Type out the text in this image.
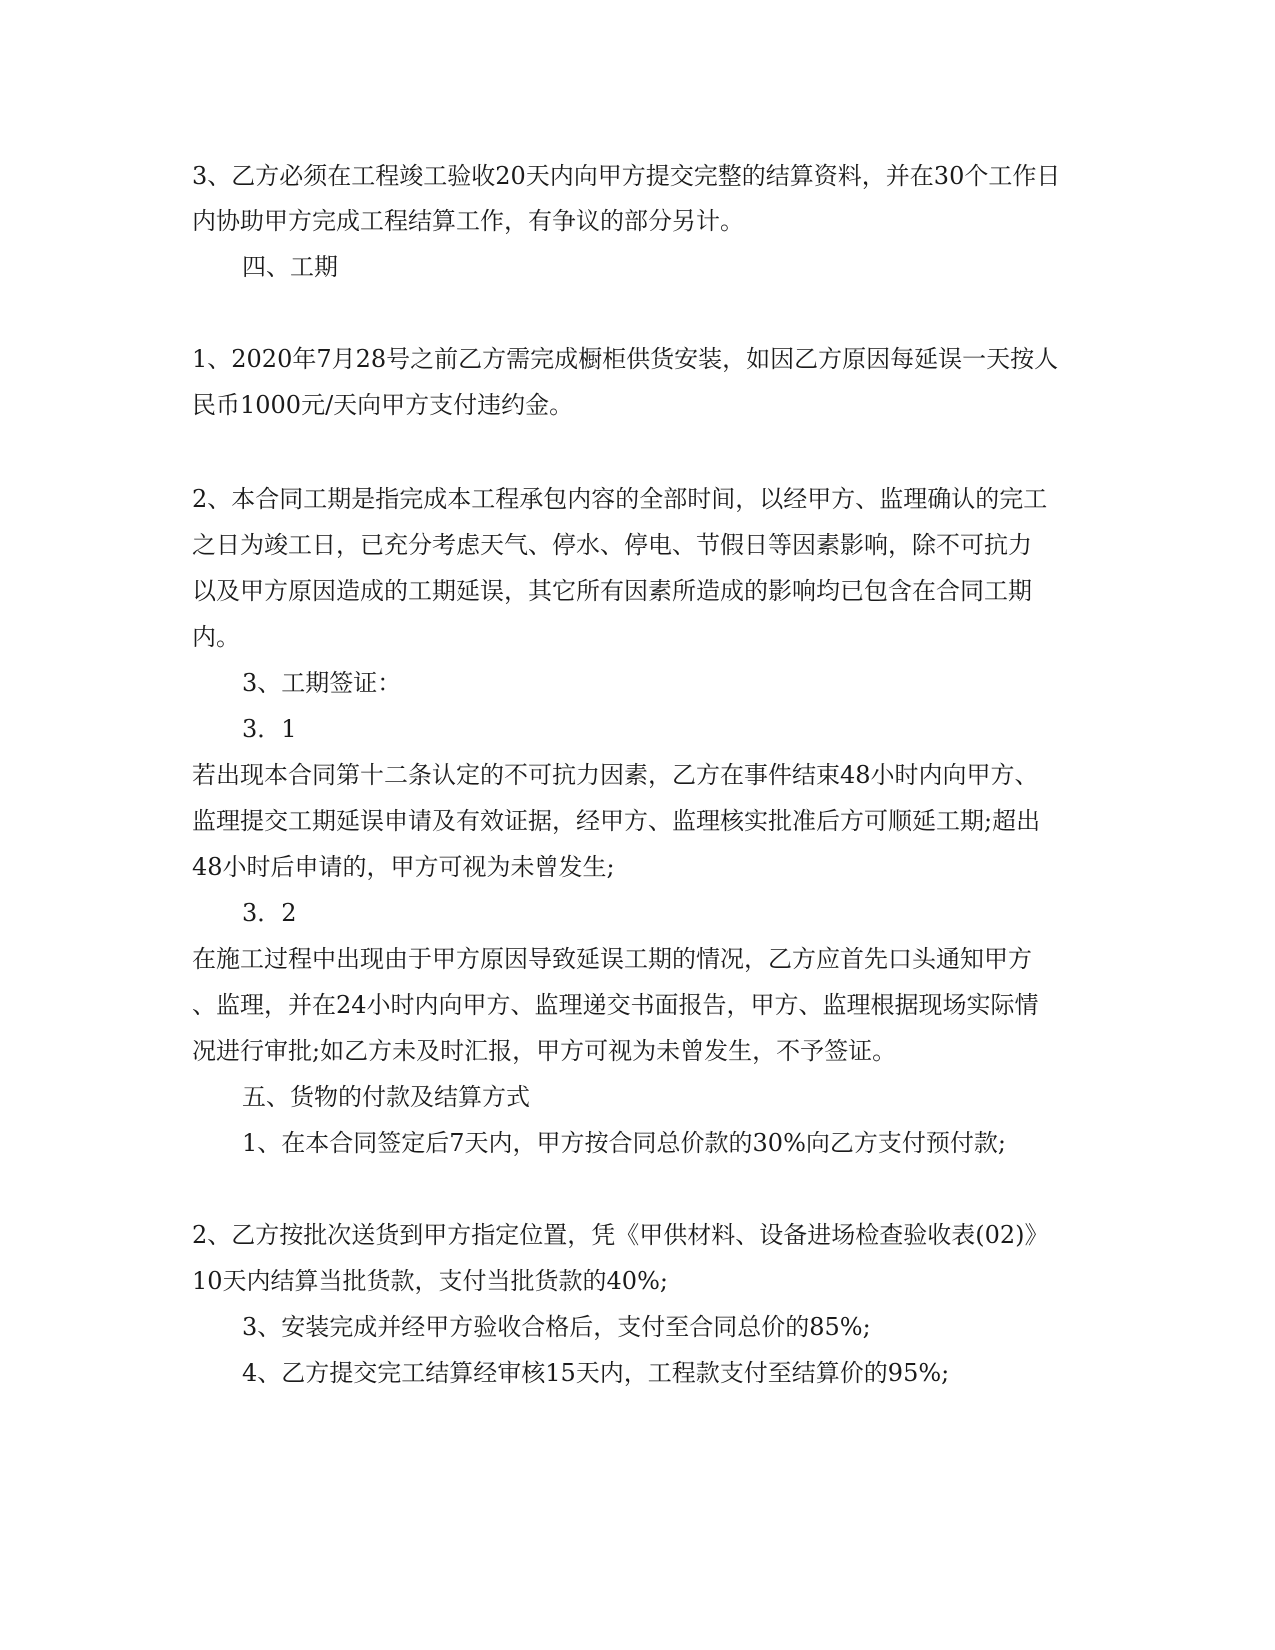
3、乙方必须在工程竣工验收20天内向甲方提交完整的结算资料，并在30个工作日
内协助甲方完成工程结算工作，有争议的部分另计。
四、工期
1、2020年7月28号之前乙方需完成橱柜供货安装，如因乙方原因每延误一天按人
民币1000元/天向甲方支付违约金。
2、本合同工期是指完成本工程承包内容的全部时间，以经甲方、监理确认的完工
之日为竣工日，已充分考虑天气、停水、停电、节假日等因素影响，除不可抗力
以及甲方原因造成的工期延误，其它所有因素所造成的影响均已包含在合同工期
内。
3、工期签证：
3．1
若出现本合同第十二条认定的不可抗力因素，乙方在事件结束48小时内向甲方、
监理提交工期延误申请及有效证据，经甲方、监理核实批准后方可顺延工期;超出
48小时后申请的，甲方可视为未曾发生;
3．2
在施工过程中出现由于甲方原因导致延误工期的情况，乙方应首先口头通知甲方
、监理，并在24小时内向甲方、监理递交书面报告，甲方、监理根据现场实际情
况进行审批;如乙方未及时汇报，甲方可视为未曾发生，不予签证。
五、货物的付款及结算方式
1、在本合同签定后7天内，甲方按合同总价款的30%向乙方支付预付款;
2、乙方按批次送货到甲方指定位置，凭《甲供材料、设备进场检查验收表(02)》
10天内结算当批货款，支付当批货款的40%;
3、安装完成并经甲方验收合格后，支付至合同总价的85%;
4、乙方提交完工结算经审核15天内，工程款支付至结算价的95%;
